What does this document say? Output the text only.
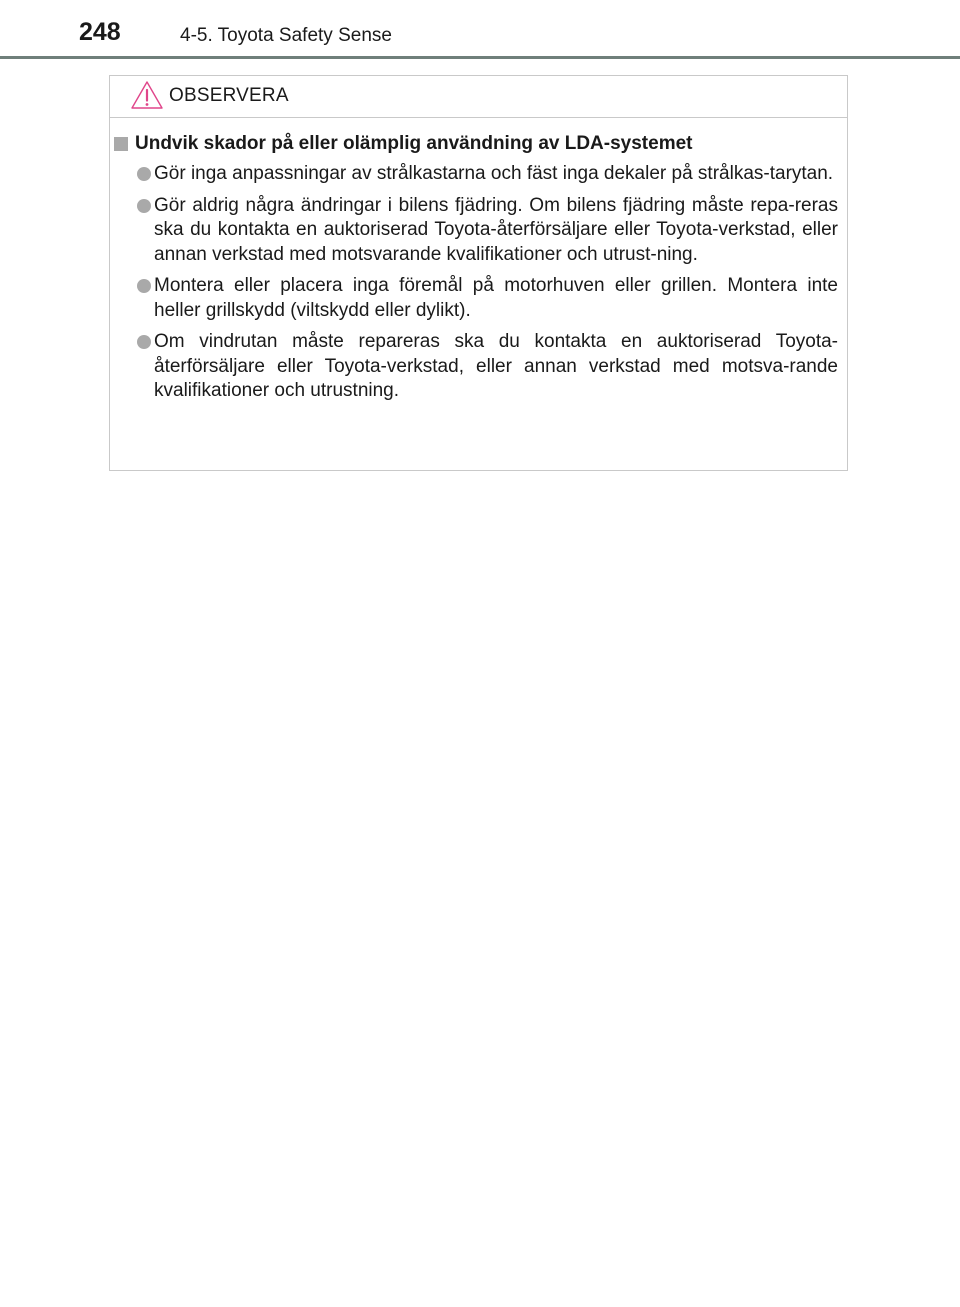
248	4-5. Toyota Safety Sense
OBSERVERA
Undvik skador på eller olämplig användning av LDA-systemet
Gör inga anpassningar av strålkastarna och fäst inga dekaler på strålkas-tarytan.
Gör aldrig några ändringar i bilens fjädring. Om bilens fjädring måste repa-reras ska du kontakta en auktoriserad Toyota-återförsäljare eller Toyota-verkstad, eller annan verkstad med motsvarande kvalifikationer och utrust-ning.
Montera eller placera inga föremål på motorhuven eller grillen. Montera inte heller grillskydd (viltskydd eller dylikt).
Om vindrutan måste repareras ska du kontakta en auktoriserad Toyota-återförsäljare eller Toyota-verkstad, eller annan verkstad med motsva-rande kvalifikationer och utrustning.
